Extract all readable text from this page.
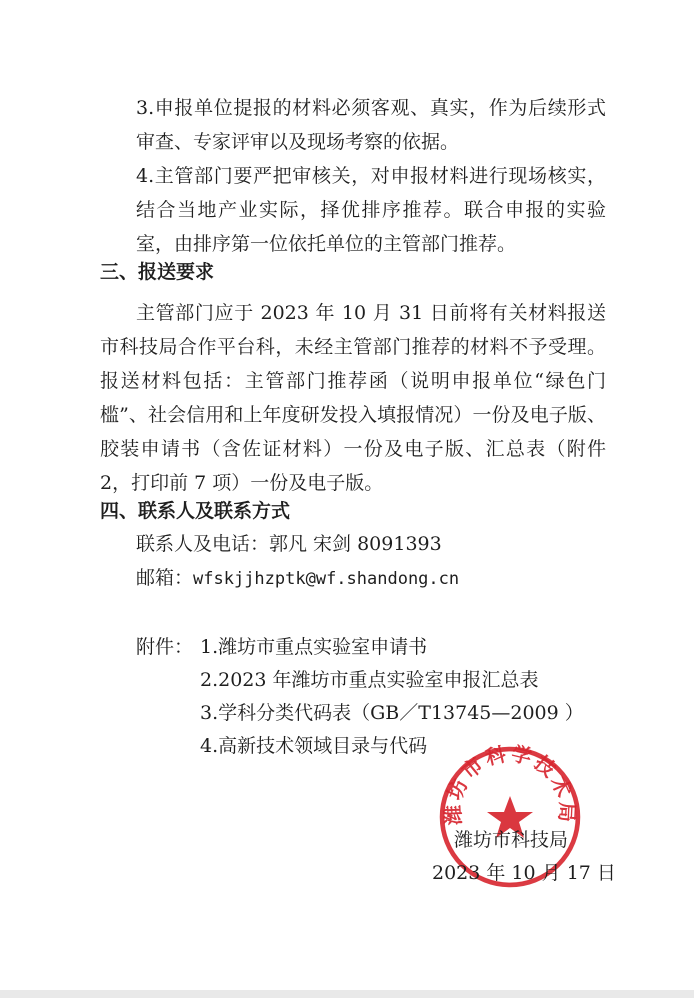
3.申报单位提报的材料必须客观、真实，作为后续形式审查、专家评审以及现场考察的依据。
4.主管部门要严把审核关，对申报材料进行现场核实，结合当地产业实际，择优排序推荐。联合申报的实验室，由排序第一位依托单位的主管部门推荐。
三、报送要求
主管部门应于 2023 年 10 月 31 日前将有关材料报送市科技局合作平台科，未经主管部门推荐的材料不予受理。报送材料包括：主管部门推荐函（说明申报单位“绿色门槛”、社会信用和上年度研发投入填报情况）一份及电子版、胶装申请书（含佐证材料）一份及电子版、汇总表（附件 2，打印前 7 项）一份及电子版。
四、联系人及联系方式
联系人及电话：郭凡 宋剑 8091393
邮箱：wfskjjhzptk@wf.shandong.cn
附件： 1.潍坊市重点实验室申请书
2.2023 年潍坊市重点实验室申报汇总表
3.学科分类代码表（GB／T13745—2009 ）
4.高新技术领域目录与代码
潍坊市科学技术局
潍坊市科技局
2023 年 10 月 17 日
